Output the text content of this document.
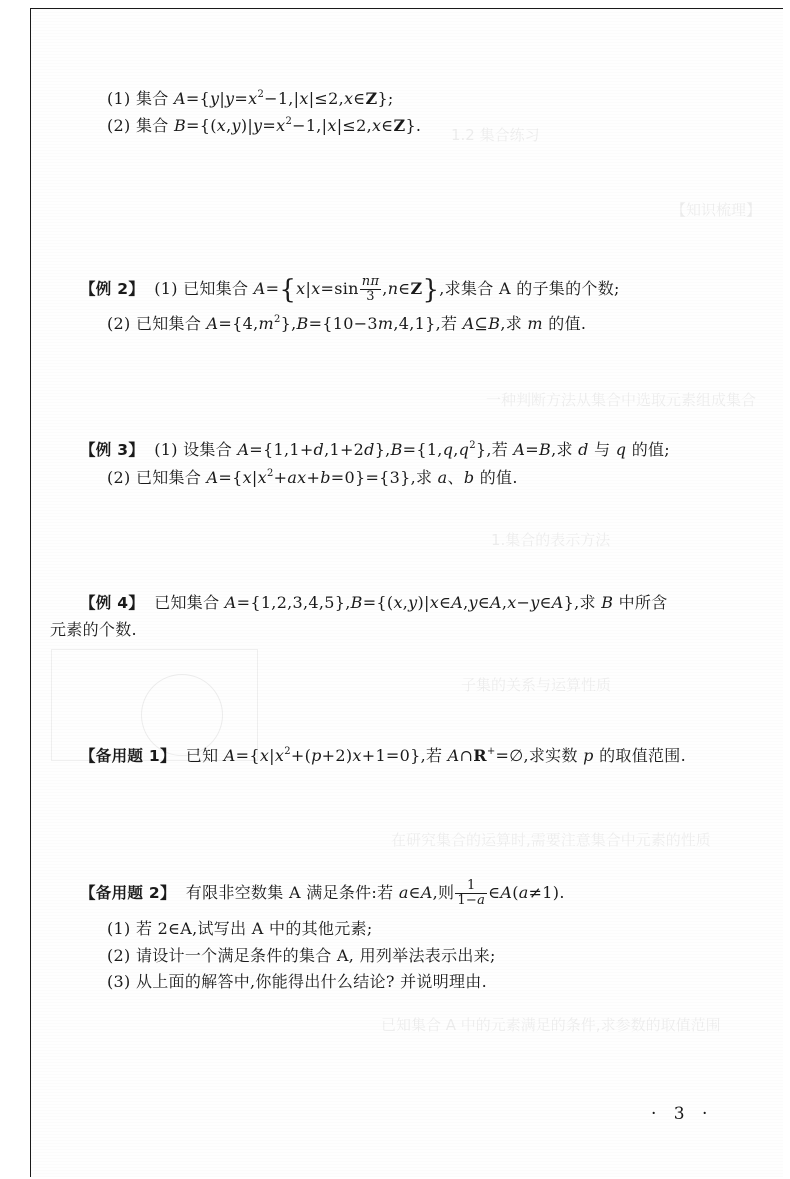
1.2 集合练习
【知识梳理】
一种判断方法从集合中选取元素组成集合
1.集合的表示方法
子集的关系与运算性质
在研究集合的运算时,需要注意集合中元素的性质
已知集合 A 中的元素满足的条件,求参数的取值范围
(1) 集合 $A=\{y|y=x^2-1,|x|\le 2,x\in Z\}$;
(2) 集合 $B=\{(x,y)|y=x^2-1,|x|\le 2,x\in Z\}$.
【例 2】 (1) 已知集合 $A=\{x|x=\sin \frac{n\pi}{3}$ ,n∈Z},求集合 A 的子集的个数;
(2) 已知集合 $A=\{4,m^2\},B=\{10-3m,4,1\}$,若 A⊆B,求 m 的值.
【例 3】 (1) 设集合 $A=\{1,1+d,1+2d\},B=\{1,q,q^2\}$,若 A=B,求 d 与 q 的值;
(2) 已知集合 $A=\{x|x^2+ax+b=0\}=\{3\}$,求 a、b 的值.
【例 4】 已知集合 A={1,2,3,4,5},B={(x,y)|x∈A,y∈A,x−y∈A},求 B 中所含
元素的个数.
【备用题 1】 已知 $A=\{x|x^2+(p+2)x+1=0\}$,若 A∩R+=∅,求实数 p 的取值范围.
【备用题 2】 有限非空数集 A 满足条件:若 a∈A,则 $\frac{1}{1-a}$ ∈A(a≠1).
(1) 若 2∈A,试写出 A 中的其他元素;
(2) 请设计一个满足条件的集合 A, 用列举法表示出来;
(3) 从上面的解答中,你能得出什么结论? 并说明理由.
· 3 ·
